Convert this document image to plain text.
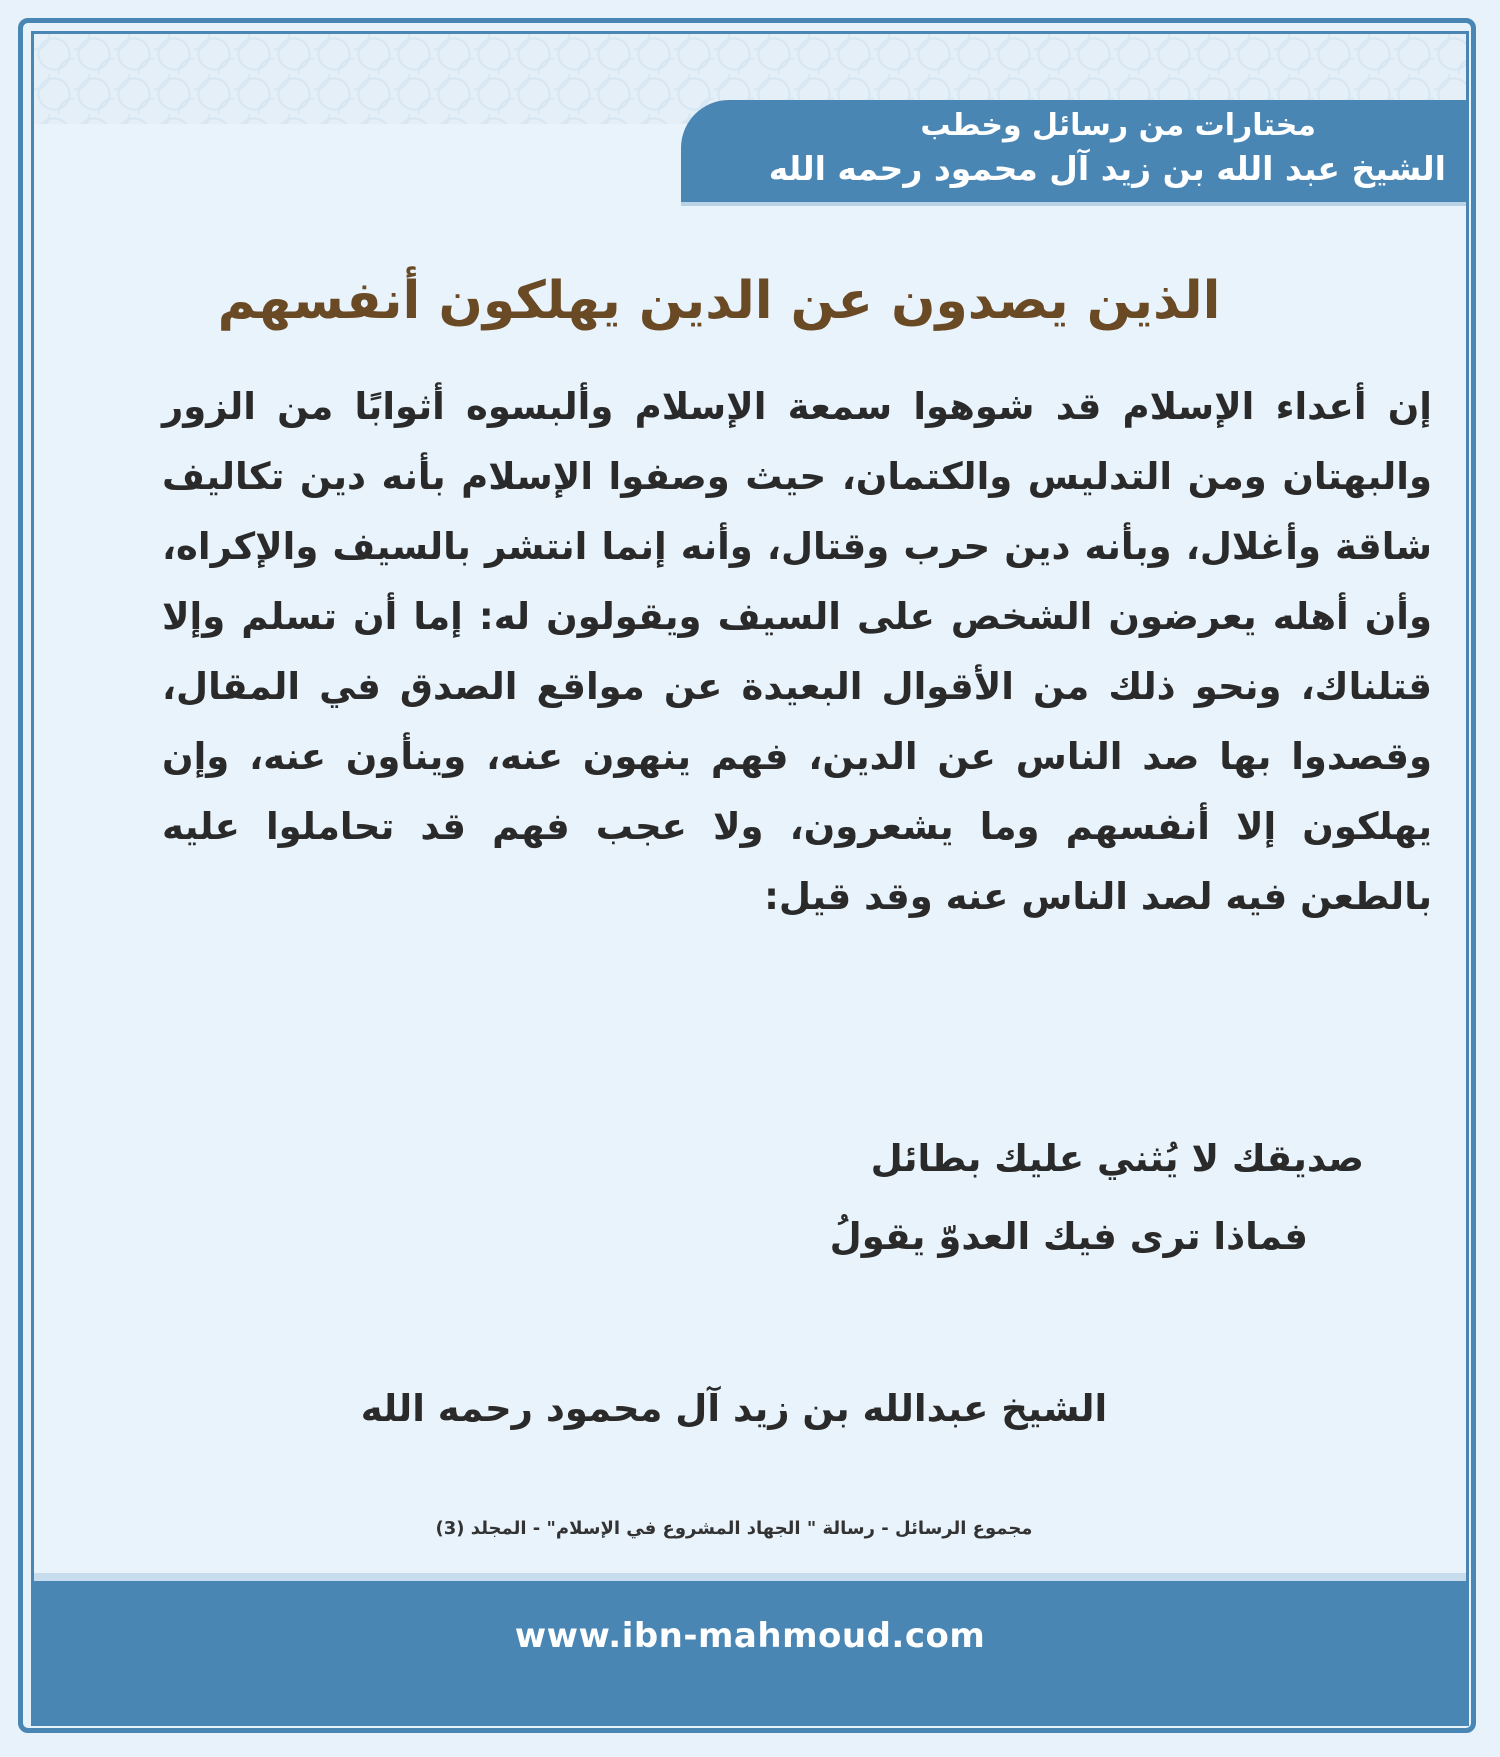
مختارات من رسائل وخطب
الشيخ عبد الله بن زيد آل محمود رحمه الله
الذين يصدون عن الدين يهلكون أنفسهم
إن أعداء الإسلام قد شوهوا سمعة الإسلام وألبسوه أثوابًا من الزور والبهتان ومن التدليس والكتمان، حيث وصفوا الإسلام بأنه دين تكاليف شاقة وأغلال، وبأنه دين حرب وقتال، وأنه إنما انتشر بالسيف والإكراه، وأن أهله يعرضون الشخص على السيف ويقولون له: إما أن تسلم وإلا قتلناك، ونحو ذلك من الأقوال البعيدة عن مواقع الصدق في المقال، وقصدوا بها صد الناس عن الدين، فهم ينهون عنه، وينأون عنه، وإن يهلكون إلا أنفسهم وما يشعرون، ولا عجب فهم قد تحاملوا عليه بالطعن فيه لصد الناس عنه وقد قيل:
صديقك لا يُثني عليك بطائل
فماذا ترى فيك العدوّ يقولُ
الشيخ عبدالله بن زيد آل محمود رحمه الله
مجموع الرسائل - رسالة " الجهاد المشروع في الإسلام" - المجلد (3)
www.ibn-mahmoud.com
